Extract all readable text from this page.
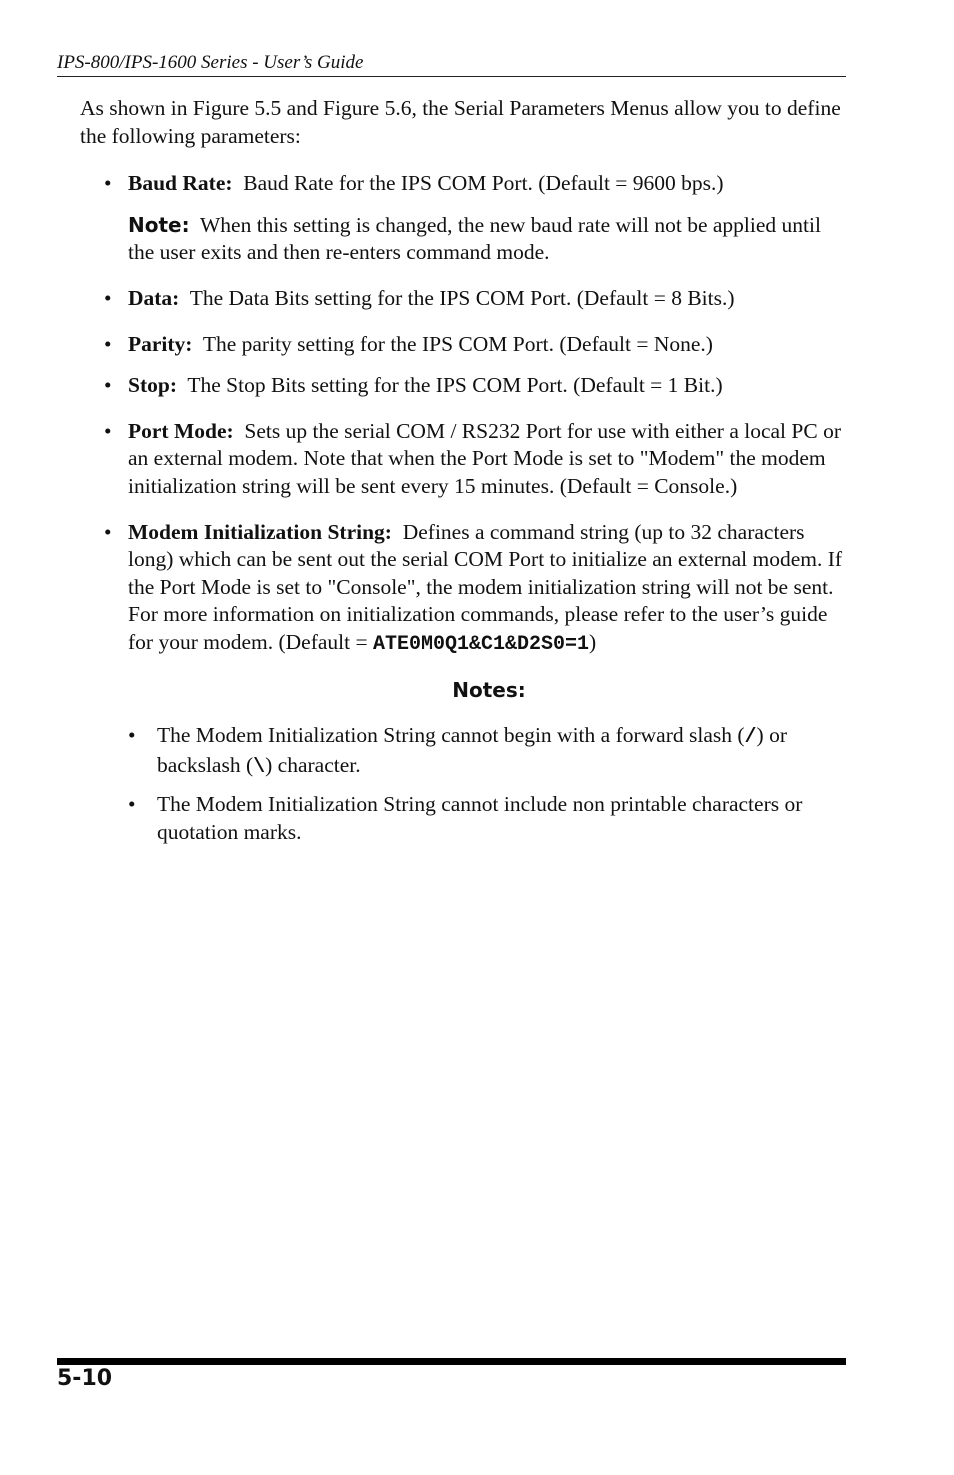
IPS-800/IPS-1600 Series - User’s Guide

As shown in Figure 5.5 and Figure 5.6, the Serial Parameters Menus allow you to define the following parameters:

• Baud Rate: Baud Rate for the IPS COM Port. (Default = 9600 bps.)
Note: When this setting is changed, the new baud rate will not be applied until the user exits and then re-enters command mode.
• Data: The Data Bits setting for the IPS COM Port. (Default = 8 Bits.)
• Parity: The parity setting for the IPS COM Port. (Default = None.)
• Stop: The Stop Bits setting for the IPS COM Port. (Default = 1 Bit.)
• Port Mode: Sets up the serial COM / RS232 Port for use with either a local PC or an external modem. Note that when the Port Mode is set to "Modem" the modem initialization string will be sent every 15 minutes. (Default = Console.)
• Modem Initialization String: Defines a command string (up to 32 characters long) which can be sent out the serial COM Port to initialize an external modem. If the Port Mode is set to "Console", the modem initialization string will not be sent. For more information on initialization commands, please refer to the user’s guide for your modem. (Default = ATE0M0Q1&C1&D2S0=1)
Notes:
• The Modem Initialization String cannot begin with a forward slash (/) or backslash (\) character.
• The Modem Initialization String cannot include non printable characters or quotation marks.
5-10
